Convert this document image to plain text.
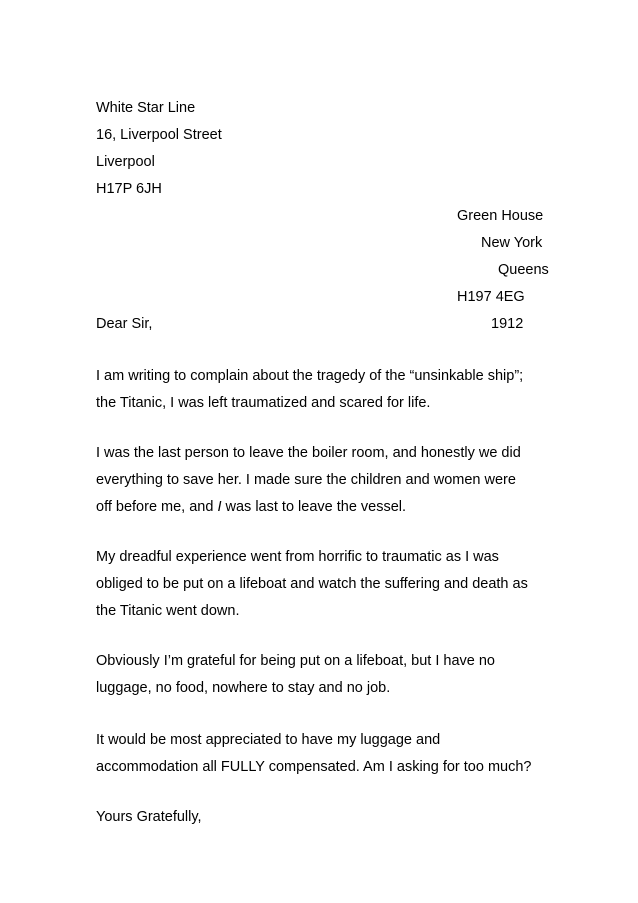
White Star Line
16, Liverpool Street
Liverpool
H17P 6JH
Green House
New York
Queens
H197 4EG
Dear Sir,	1912
I am writing to complain about the tragedy of the “unsinkable ship”;
the Titanic, I was left traumatized and scared for life.
I was the last person to leave the boiler room, and honestly we did
everything to save her. I made sure the children and women were
off before me, and I was last to leave the vessel.
My dreadful experience went from horrific to traumatic as I was
obliged to be put on a lifeboat and watch the suffering and death as
the Titanic went down.
Obviously I’m grateful for being put on a lifeboat, but I have no
luggage, no food, nowhere to stay and no job.
It would be most appreciated to have my luggage and
accommodation all FULLY compensated. Am I asking for too much?
Yours Gratefully,
